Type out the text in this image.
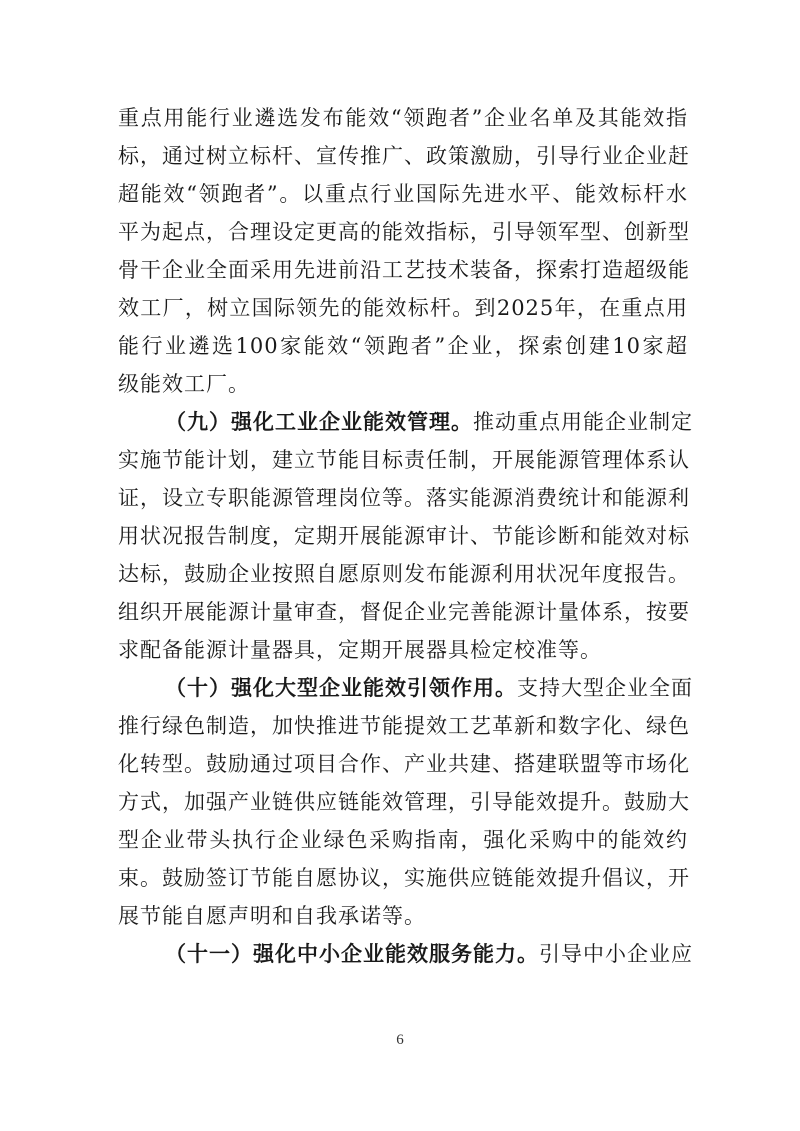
重点用能行业遴选发布能效“领跑者”企业名单及其能效指
标，通过树立标杆、宣传推广、政策激励，引导行业企业赶
超能效“领跑者”。以重点行业国际先进水平、能效标杆水
平为起点，合理设定更高的能效指标，引导领军型、创新型
骨干企业全面采用先进前沿工艺技术装备，探索打造超级能
效工厂，树立国际领先的能效标杆。到2025年，在重点用
能行业遴选100家能效“领跑者”企业，探索创建10家超
级能效工厂。
（九）强化工业企业能效管理。推动重点用能企业制定
实施节能计划，建立节能目标责任制，开展能源管理体系认
证，设立专职能源管理岗位等。落实能源消费统计和能源利
用状况报告制度，定期开展能源审计、节能诊断和能效对标
达标，鼓励企业按照自愿原则发布能源利用状况年度报告。
组织开展能源计量审查，督促企业完善能源计量体系，按要
求配备能源计量器具，定期开展器具检定校准等。
（十）强化大型企业能效引领作用。支持大型企业全面
推行绿色制造，加快推进节能提效工艺革新和数字化、绿色
化转型。鼓励通过项目合作、产业共建、搭建联盟等市场化
方式，加强产业链供应链能效管理，引导能效提升。鼓励大
型企业带头执行企业绿色采购指南，强化采购中的能效约
束。鼓励签订节能自愿协议，实施供应链能效提升倡议，开
展节能自愿声明和自我承诺等。
（十一）强化中小企业能效服务能力。引导中小企业应
6
